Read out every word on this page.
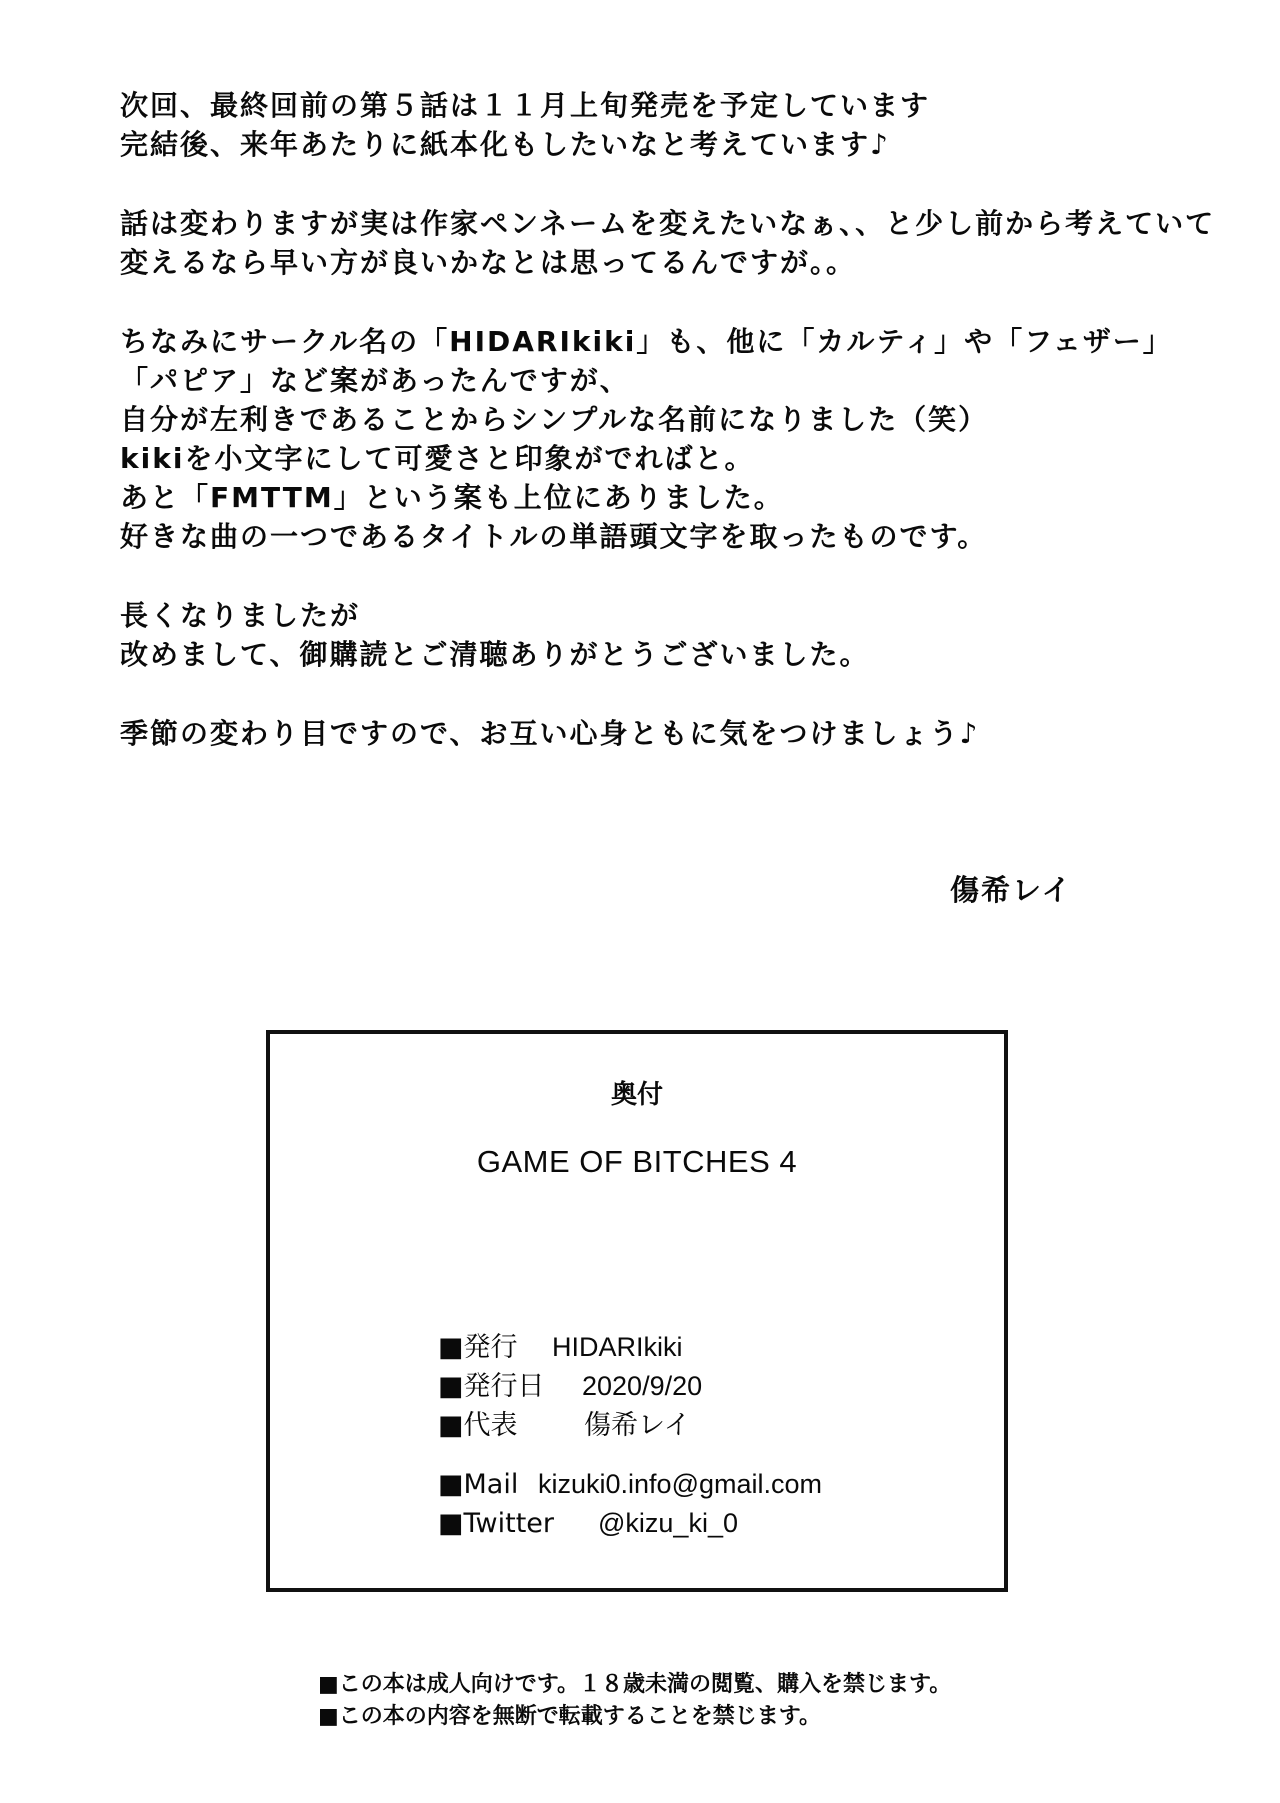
次回、最終回前の第５話は１１月上旬発売を予定しています
完結後、来年あたりに紙本化もしたいなと考えています♪
話は変わりますが実は作家ペンネームを変えたいなぁ、、と少し前から考えていて
変えるなら早い方が良いかなとは思ってるんですが。。
ちなみにサークル名の「HIDARIkiki」も、他に「カルティ」や「フェザー」
「パピア」など案があったんですが、
自分が左利きであることからシンプルな名前になりました（笑）
kikiを小文字にして可愛さと印象がでればと。
あと「FMTTM」という案も上位にありました。
好きな曲の一つであるタイトルの単語頭文字を取ったものです。
長くなりましたが
改めまして、御購読とご清聴ありがとうございました。
季節の変わり目ですので、お互い心身ともに気をつけましょう♪
傷希レイ
奥付
GAME OF BITCHES 4
■発行 HIDARIkiki
■発行日 2020/9/20
■代表 傷希レイ
■Mail kizuki0.info@gmail.com
■Twitter @kizu_ki_0
■この本は成人向けです。１８歳未満の閲覧、購入を禁じます。
■この本の内容を無断で転載することを禁じます。
